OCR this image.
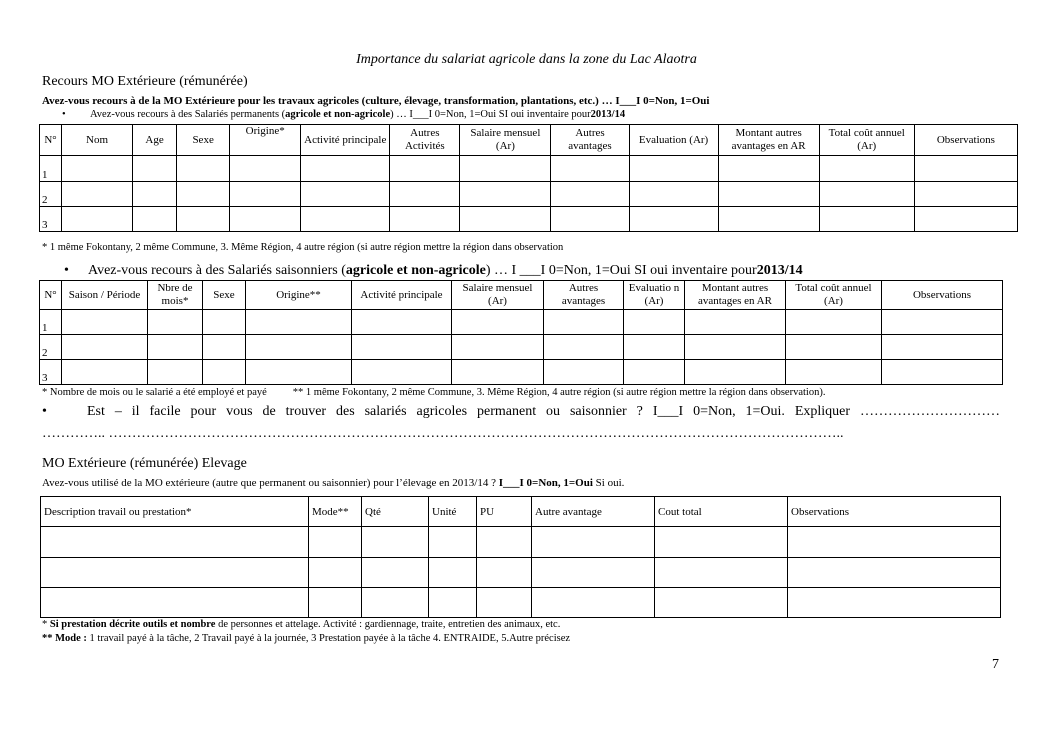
Importance du salariat agricole dans la zone du Lac Alaotra
Recours MO Extérieure (rémunérée)
Avez-vous recours à de la MO Extérieure pour les travaux agricoles (culture, élevage, transformation, plantations, etc.) … I___I 0=Non, 1=Oui
•	Avez-vous recours à des Salariés permanents ( agricole et non-agricole ) … I___I 0=Non, 1=Oui SI oui inventaire pour 2013/14
N°	Nom	Age	Sexe	Origine*	Activité principale	Autres Activités	Salaire mensuel (Ar)	Autres avantages	Evaluation (Ar)	Montant autres avantages en AR	Total coût annuel (Ar)	Observations
1												
2												
3												
* 1 même Fokontany, 2 même Commune, 3. Même Région, 4 autre région (si autre région mettre la région dans observation
•	Avez-vous recours à des Salariés saisonniers ( agricole et non-agricole ) … I ___I 0=Non, 1=Oui SI oui inventaire pour 2013/14
N°	Saison / Période	Nbre de mois*	Sexe	Origine**	Activité principale	Salaire mensuel (Ar)	Autres avantages	Evaluatio n (Ar)	Montant autres avantages en AR	Total coût annuel (Ar)	Observations
1											
2											
3											
* Nombre de mois ou le salarié a été employé et payé ** 1 même Fokontany, 2 même Commune, 3. Même Région, 4 autre région (si autre région mettre la région dans observation).
•	Est – il facile pour vous de trouver des salariés agricoles permanent ou saisonnier ? I___I 0=Non, 1=Oui. Expliquer …………………………
………….. …………………………………………………………………………………………………………………………………………..
MO Extérieure (rémunérée) Elevage
Avez-vous utilisé de la MO extérieure (autre que permanent ou saisonnier) pour l’élevage en 2013/14 ? I___I 0=Non, 1=Oui Si oui.
Description travail ou prestation*	Mode**	Qté	Unité	PU	Autre avantage	Cout total	Observations

* Si prestation décrite outils et nombre de personnes et attelage. Activité : gardiennage, traite, entretien des animaux, etc.
** Mode : 1 travail payé à la tâche, 2 Travail payé à la journée, 3 Prestation payée à la tâche 4. ENTRAIDE, 5.Autre précisez
7
